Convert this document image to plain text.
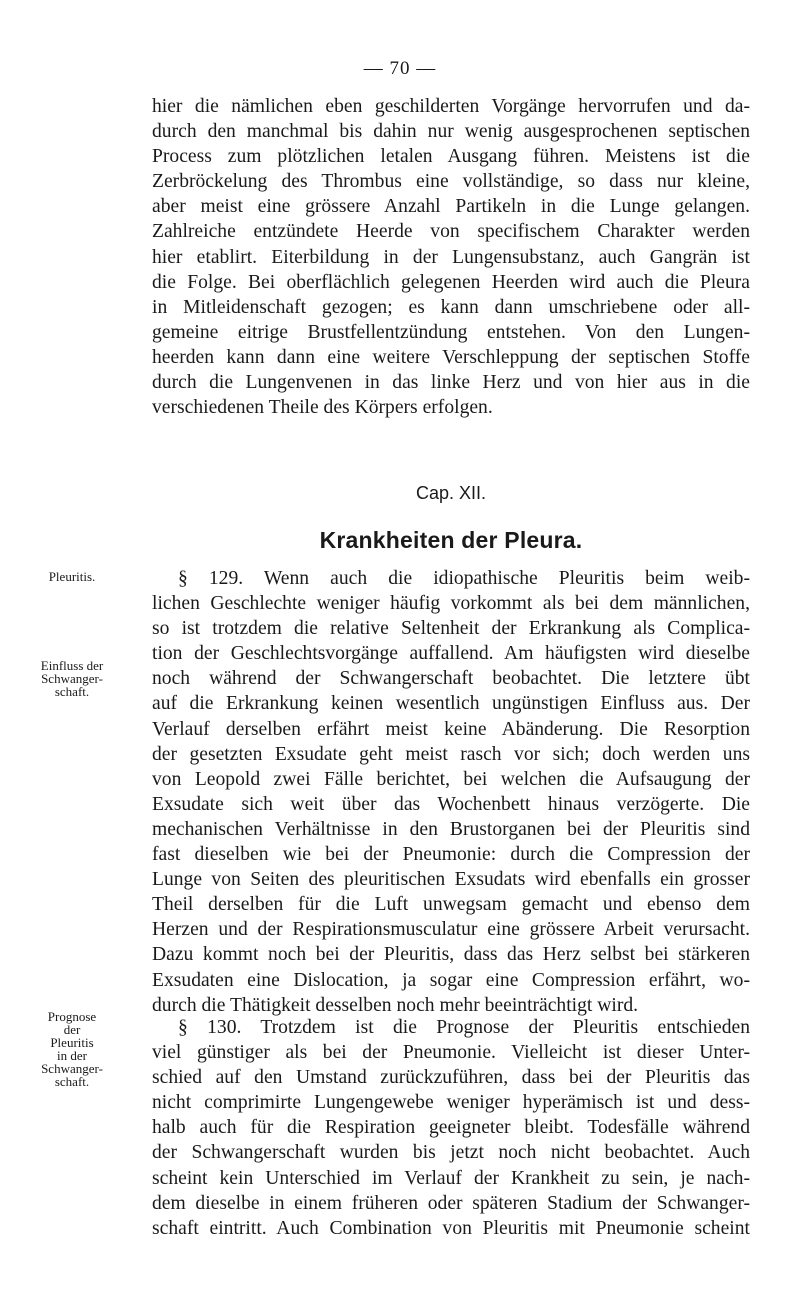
— 70 —

hier die nämlichen eben geschilderten Vorgänge hervorrufen und da-
durch den manchmal bis dahin nur wenig ausgesprochenen septischen
Process zum plötzlichen letalen Ausgang führen. Meistens ist die
Zerbröckelung des Thrombus eine vollständige, so dass nur kleine,
aber meist eine grössere Anzahl Partikeln in die Lunge gelangen.
Zahlreiche entzündete Heerde von specifischem Charakter werden
hier etablirt. Eiterbildung in der Lungensubstanz, auch Gangrän ist
die Folge. Bei oberflächlich gelegenen Heerden wird auch die Pleura
in Mitleidenschaft gezogen; es kann dann umschriebene oder all-
gemeine eitrige Brustfellentzündung entstehen. Von den Lungen-
heerden kann dann eine weitere Verschleppung der septischen Stoffe
durch die Lungenvenen in das linke Herz und von hier aus in die
verschiedenen Theile des Körpers erfolgen.

Cap. XII.
Krankheiten der Pleura.
Pleuritis.
Einfluss der
Schwanger-
schaft.
Prognose
der
Pleuritis
in der
Schwanger-
schaft.

§ 129. Wenn auch die idiopathische Pleuritis beim weib-
lichen Geschlechte weniger häufig vorkommt als bei dem männlichen,
so ist trotzdem die relative Seltenheit der Erkrankung als Complica-
tion der Geschlechtsvorgänge auffallend. Am häufigsten wird dieselbe
noch während der Schwangerschaft beobachtet. Die letztere übt
auf die Erkrankung keinen wesentlich ungünstigen Einfluss aus. Der
Verlauf derselben erfährt meist keine Abänderung. Die Resorption
der gesetzten Exsudate geht meist rasch vor sich; doch werden uns
von Leopold zwei Fälle berichtet, bei welchen die Aufsaugung der
Exsudate sich weit über das Wochenbett hinaus verzögerte. Die
mechanischen Verhältnisse in den Brustorganen bei der Pleuritis sind
fast dieselben wie bei der Pneumonie: durch die Compression der
Lunge von Seiten des pleuritischen Exsudats wird ebenfalls ein grosser
Theil derselben für die Luft unwegsam gemacht und ebenso dem
Herzen und der Respirationsmusculatur eine grössere Arbeit verursacht.
Dazu kommt noch bei der Pleuritis, dass das Herz selbst bei stärkeren
Exsudaten eine Dislocation, ja sogar eine Compression erfährt, wo-
durch die Thätigkeit desselben noch mehr beeinträchtigt wird.

§ 130. Trotzdem ist die Prognose der Pleuritis entschieden
viel günstiger als bei der Pneumonie. Vielleicht ist dieser Unter-
schied auf den Umstand zurückzuführen, dass bei der Pleuritis das
nicht comprimirte Lungengewebe weniger hyperämisch ist und dess-
halb auch für die Respiration geeigneter bleibt. Todesfälle während
der Schwangerschaft wurden bis jetzt noch nicht beobachtet. Auch
scheint kein Unterschied im Verlauf der Krankheit zu sein, je nach-
dem dieselbe in einem früheren oder späteren Stadium der Schwanger-
schaft eintritt. Auch Combination von Pleuritis mit Pneumonie scheint
